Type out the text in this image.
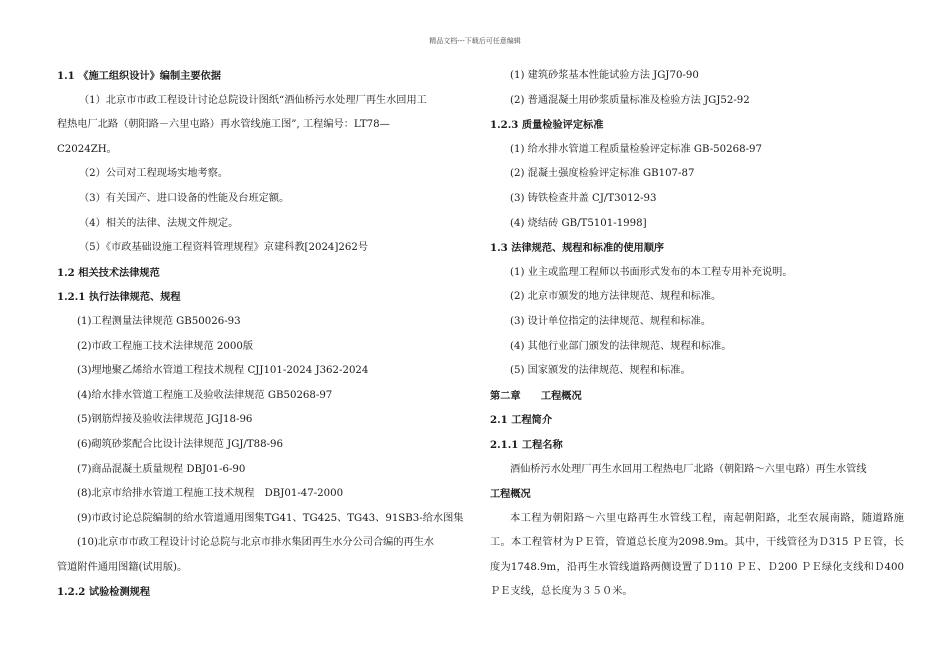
精品文档---下载后可任意编辑
1.1 《施工组织设计》编制主要依据
（1）北京市市政工程设计讨论总院设计图纸“酒仙桥污水处理厂再生水回用工
程热电厂北路（朝阳路－六里屯路）再水管线施工图”, 工程编号：LT78—
C2024ZH。
（2）公司对工程现场实地考察。
（3）有关国产、进口设备的性能及台班定额。
（4）相关的法律、法规文件规定。
（5）《市政基础设施工程资料管理规程》京建科教[2024]262号
1.2 相关技术法律规范
1.2.1 执行法律规范、规程
(1)工程测量法律规范 GB50026-93
(2)市政工程施工技术法律规范 2000版
(3)埋地聚乙烯给水管道工程技术规程 CJJ101-2024 J362-2024
(4)给水排水管道工程施工及验收法律规范 GB50268-97
(5)钢筋焊接及验收法律规范 JGJ18-96
(6)砌筑砂浆配合比设计法律规范 JGJ/T88-96
(7)商品混凝土质量规程 DBJ01-6-90
(8)北京市给排水管道工程施工技术规程　DBJ01-47-2000
(9)市政讨论总院编制的给水管道通用图集TG41、TG425、TG43、91SB3-给水图集
(10)北京市市政工程设计讨论总院与北京市排水集团再生水分公司合编的再生水
管道附件通用图籍(试用版)。
1.2.2 试验检测规程
(1) 建筑砂浆基本性能试验方法 JGJ70-90
(2) 普通混凝土用砂浆质量标准及检验方法 JGJ52-92
1.2.3 质量检验评定标准
(1) 给水排水管道工程质量检验评定标准 GB-50268-97
(2) 混凝土强度检验评定标准 GB107-87
(3) 铸铁检查井盖 CJ/T3012-93
(4) 烧结砖 GB/T5101-1998]
1.3 法律规范、规程和标准的使用顺序
(1) 业主或监理工程师以书面形式发布的本工程专用补充说明。
(2) 北京市颁发的地方法律规范、规程和标准。
(3) 设计单位指定的法律规范、规程和标准。
(4) 其他行业部门颁发的法律规范、规程和标准。
(5) 国家颁发的法律规范、规程和标准。
第二章　　工程概况
2.1 工程简介
2.1.1 工程名称
酒仙桥污水处理厂再生水回用工程热电厂北路（朝阳路～六里屯路）再生水管线
工程概况
本工程为朝阳路～六里屯路再生水管线工程，南起朝阳路，北至农展南路，随道路施工。本工程管材为ＰＥ管，管道总长度为2098.9m。其中，干线管径为Ｄ315 ＰＥ管，长度为1748.9m，沿再生水管线道路两侧设置了Ｄ110 ＰＥ、Ｄ200 ＰＥ绿化支线和Ｄ400 ＰＥ支线，总长度为３５０米。
